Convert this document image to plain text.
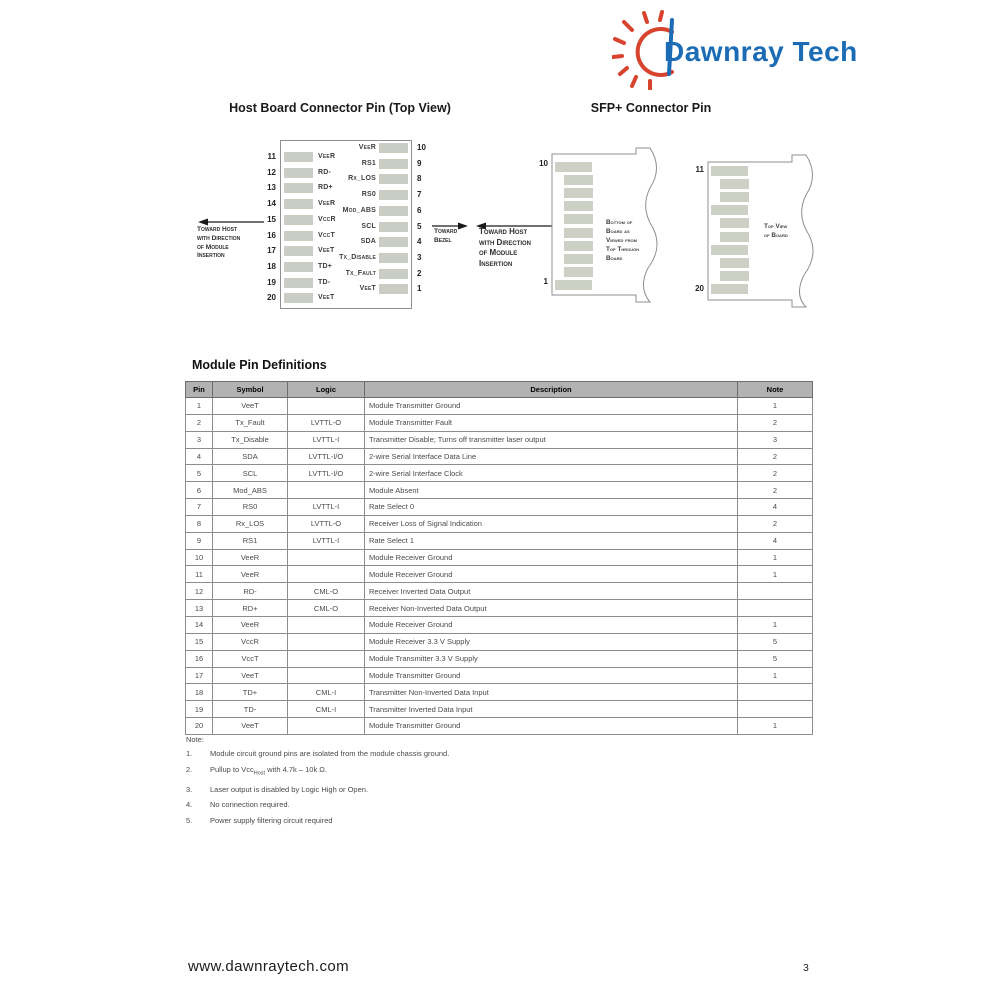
Dawnray Tech
Host Board Connector Pin (Top View)	SFP+ Connector Pin
11	VeeR
12	RD-
13	RD+
14	VeeR
15	VccR
16	VccT
17	VeeT
18	TD+
19	TD-
20	VeeT
10
VeeR
9
RS1
8
Rx_LOS
7
RS0
6
Mod_ABS
5
SCL
4
SDA
3
Tx_Disable
2
Tx_Fault
1
VeeT
Toward Host
with Direction
of Module
Insertion
Toward
Bezel
Toward Host
with Direction
of Module
Insertion
10
1
Bottom of
Board as
Viewed from
Top Through
Board
11
20
Top View
of Board
Module Pin Definitions
Pin	Symbol	Logic	Description	Note
1	VeeT		Module Transmitter Ground	1
2	Tx_Fault	LVTTL-O	Module Transmitter Fault	2
3	Tx_Disable	LVTTL-I	Transmitter Disable; Turns off transmitter laser output	3
4	SDA	LVTTL-I/O	2-wire Serial Interface Data Line	2
5	SCL	LVTTL-I/O	2-wire Serial Interface Clock	2
6	Mod_ABS		Module Absent	2
7	RS0	LVTTL-I	Rate Select 0	4
8	Rx_LOS	LVTTL-O	Receiver Loss of Signal Indication	2
9	RS1	LVTTL-I	Rate Select 1	4
10	VeeR		Module Receiver Ground	1
11	VeeR		Module Receiver Ground	1
12	RD-	CML-O	Receiver Inverted Data Output	
13	RD+	CML-O	Receiver Non-Inverted Data Output	
14	VeeR		Module Receiver Ground	1
15	VccR		Module Receiver 3.3 V Supply	5
16	VccT		Module Transmitter 3.3 V Supply	5
17	VeeT		Module Transmitter Ground	1
18	TD+	CML-I	Transmitter Non-Inverted Data Input	
19	TD-	CML-I	Transmitter Inverted Data Input	
20	VeeT		Module Transmitter Ground	1
Note:
1.	Module circuit ground pins are isolated from the module chassis ground.
2.	Pullup to Vcc$_{Host}$ with 4.7k – 10k Ω.
3.	Laser output is disabled by Logic High or Open.
4.	No connection required.
5.	Power supply filtering circuit required
www.dawnraytech.com	3
